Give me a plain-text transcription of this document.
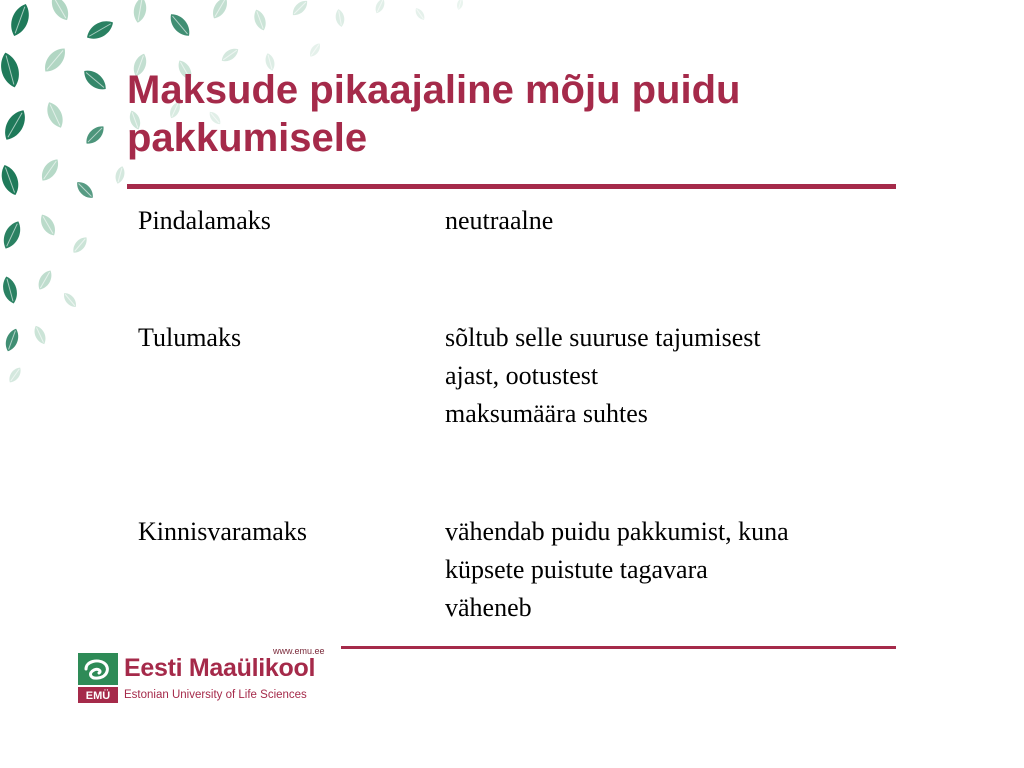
Maksude pikaajaline mõju puidu pakkumisele
Pindalamaks	neutraalne
Tulumaks	sõltub selle suuruse tajumisest
ajast, ootustest
maksumäära suhtes
Kinnisvaramaks	vähendab puidu pakkumist, kuna
küpsete puistute tagavara
väheneb
www.emu.ee
EMÜ
Eesti Maaülikool
Estonian University of Life Sciences
